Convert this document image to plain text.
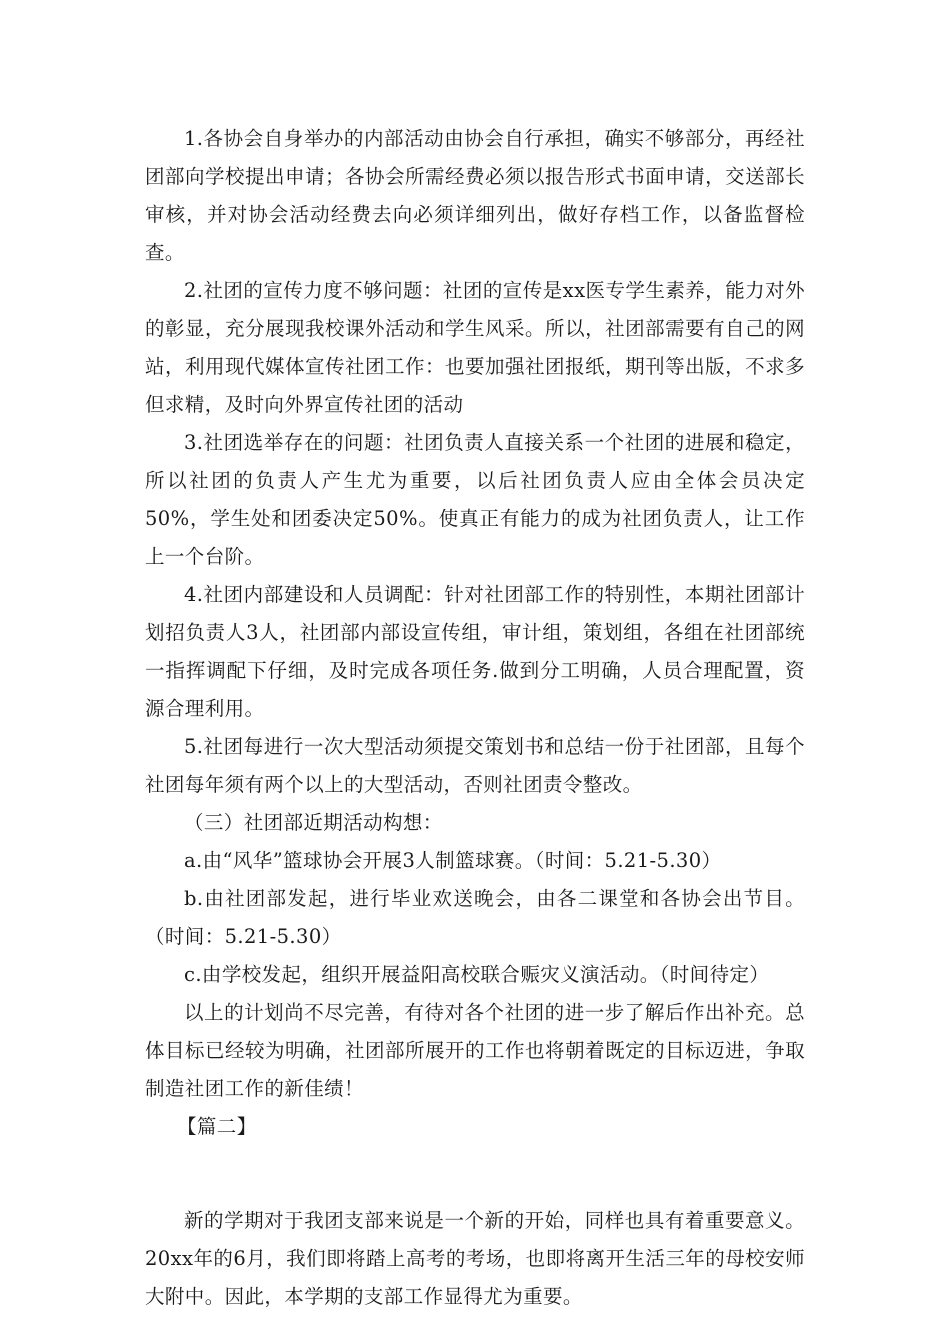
1.各协会自身举办的内部活动由协会自行承担，确实不够部分，再经社团部向学校提出申请；各协会所需经费必须以报告形式书面申请，交送部长审核，并对协会活动经费去向必须详细列出，做好存档工作，以备监督检查。

2.社团的宣传力度不够问题：社团的宣传是xx医专学生素养，能力对外的彰显，充分展现我校课外活动和学生风采。所以，社团部需要有自己的网站，利用现代媒体宣传社团工作：也要加强社团报纸，期刊等出版，不求多但求精，及时向外界宣传社团的活动

3.社团选举存在的问题：社团负责人直接关系一个社团的进展和稳定，所以社团的负责人产生尤为重要，以后社团负责人应由全体会员决定50%，学生处和团委决定50%。使真正有能力的成为社团负责人，让工作上一个台阶。

4.社团内部建设和人员调配：针对社团部工作的特别性，本期社团部计划招负责人3人，社团部内部设宣传组，审计组，策划组，各组在社团部统一指挥调配下仔细，及时完成各项任务.做到分工明确，人员合理配置，资源合理利用。

5.社团每进行一次大型活动须提交策划书和总结一份于社团部，且每个社团每年须有两个以上的大型活动，否则社团责令整改。

（三）社团部近期活动构想：

a.由“风华”篮球协会开展3人制篮球赛。（时间：5.21-5.30）

b.由社团部发起，进行毕业欢送晚会，由各二课堂和各协会出节目。（时间：5.21-5.30）

c.由学校发起，组织开展益阳高校联合赈灾义演活动。（时间待定）

以上的计划尚不尽完善，有待对各个社团的进一步了解后作出补充。总体目标已经较为明确，社团部所展开的工作也将朝着既定的目标迈进，争取制造社团工作的新佳绩！

【篇二】

新的学期对于我团支部来说是一个新的开始，同样也具有着重要意义。20xx年的6月，我们即将踏上高考的考场，也即将离开生活三年的母校安师大附中。因此，本学期的支部工作显得尤为重要。
